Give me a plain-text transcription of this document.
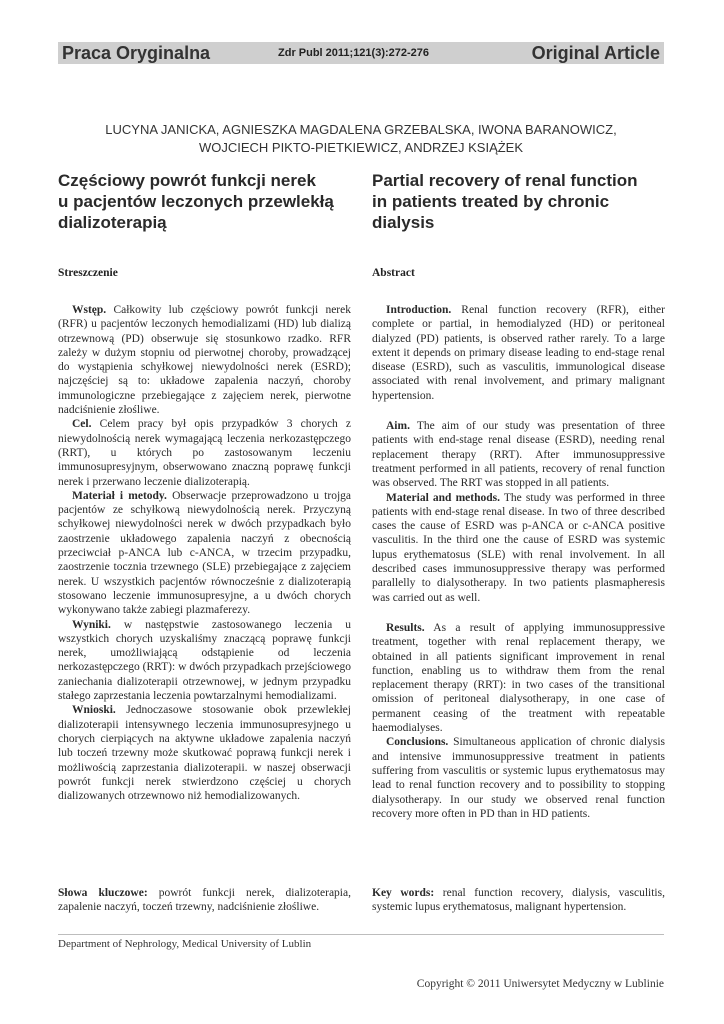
Praca Oryginalna	Zdr Publ 2011;121(3):272-276	Original Article
LUCYNA JANICKA, AGNIESZKA MAGDALENA GRZEBALSKA, IWONA BARANOWICZ,
WOJCIECH PIKTO-PIETKIEWICZ, ANDRZEJ KSIĄŻEK
Częściowy powrót funkcji nerek
u pacjentów leczonych przewlekłą
dializoterapią
Partial recovery of renal function
in patients treated by chronic
dialysis
Streszczenie	Abstract

Wstęp. Całkowity lub częściowy powrót funkcji nerek (RFR) u pacjentów leczonych hemodializami (HD) lub dializą otrzewnową (PD) obserwuje się stosunkowo rzadko. RFR zależy w dużym stopniu od pierwotnej choroby, prowadzącej do wystąpienia schyłkowej niewydolności nerek (ESRD); najczęściej są to: układowe zapalenia naczyń, choroby immunologiczne przebiegające z zajęciem nerek, pierwotne nadciśnienie złośliwe.

Cel. Celem pracy był opis przypadków 3 chorych z niewydolnością nerek wymagającą leczenia nerkozastępczego (RRT), u których po zastosowanym leczeniu immunosupresyjnym, obserwowano znaczną poprawę funkcji nerek i przerwano leczenie dializoterapią.

Materiał i metody. Obserwacje przeprowadzono u trojga pacjentów ze schyłkową niewydolnością nerek. Przyczyną schyłkowej niewydolności nerek w dwóch przypadkach było zaostrzenie układowego zapalenia naczyń z obecnością przeciwciał p-ANCA lub c-ANCA, w trzecim przypadku, zaostrzenie tocznia trzewnego (SLE) przebiegające z zajęciem nerek. U wszystkich pacjentów równocześnie z dializoterapią stosowano leczenie immunosupresyjne, a u dwóch chorych wykonywano także zabiegi plazmaferezy.

Wyniki. w następstwie zastosowanego leczenia u wszystkich chorych uzyskaliśmy znaczącą poprawę funkcji nerek, umożliwiającą odstąpienie od leczenia nerkozastępczego (RRT): w dwóch przypadkach przejściowego zaniechania dializoterapii otrzewnowej, w jednym przypadku stałego zaprzestania leczenia powtarzalnymi hemodializami.

Wnioski. Jednoczasowe stosowanie obok przewlekłej dializoterapii intensywnego leczenia immunosupresyjnego u chorych cierpiących na aktywne układowe zapalenia naczyń lub toczeń trzewny może skutkować poprawą funkcji nerek i możliwością zaprzestania dializoterapii. w naszej obserwacji powrót funkcji nerek stwierdzono częściej u chorych dializowanych otrzewnowo niż hemodializowanych.

Introduction. Renal function recovery (RFR), either complete or partial, in hemodialyzed (HD) or peritoneal dialyzed (PD) patients, is observed rather rarely. To a large extent it depends on primary disease leading to end-stage renal disease (ESRD), such as vasculitis, immunological disease associated with renal involvement, and primary malignant hypertension.

Aim. The aim of our study was presentation of three patients with end-stage renal disease (ESRD), needing renal replacement therapy (RRT). After immunosuppressive treatment performed in all patients, recovery of renal function was observed. The RRT was stopped in all patients.

Material and methods. The study was performed in three patients with end-stage renal disease. In two of three described cases the cause of ESRD was p-ANCA or c-ANCA positive vasculitis. In the third one the cause of ESRD was systemic lupus erythematosus (SLE) with renal involvement. In all described cases immunosuppressive therapy was performed parallelly to dialysotherapy. In two patients plasmapheresis was carried out as well.

Results. As a result of applying immunosuppressive treatment, together with renal replacement therapy, we obtained in all patients significant improvement in renal function, enabling us to withdraw them from the renal replacement therapy (RRT): in two cases of the transitional omission of peritoneal dialysotherapy, in one case of permanent ceasing of the treatment with repeatable haemodialyses.

Conclusions. Simultaneous application of chronic dialysis and intensive immunosuppressive treatment in patients suffering from vasculitis or systemic lupus erythematosus may lead to renal function recovery and to possibility to stopping dialysotherapy. In our study we observed renal function recovery more often in PD than in HD patients.

Słowa kluczowe: powrót funkcji nerek, dializoterapia, zapalenie naczyń, toczeń trzewny, nadciśnienie złośliwe.
Key words: renal function recovery, dialysis, vasculitis, systemic lupus erythematosus, malignant hypertension.
Department of Nephrology, Medical University of Lublin
Copyright © 2011 Uniwersytet Medyczny w Lublinie
